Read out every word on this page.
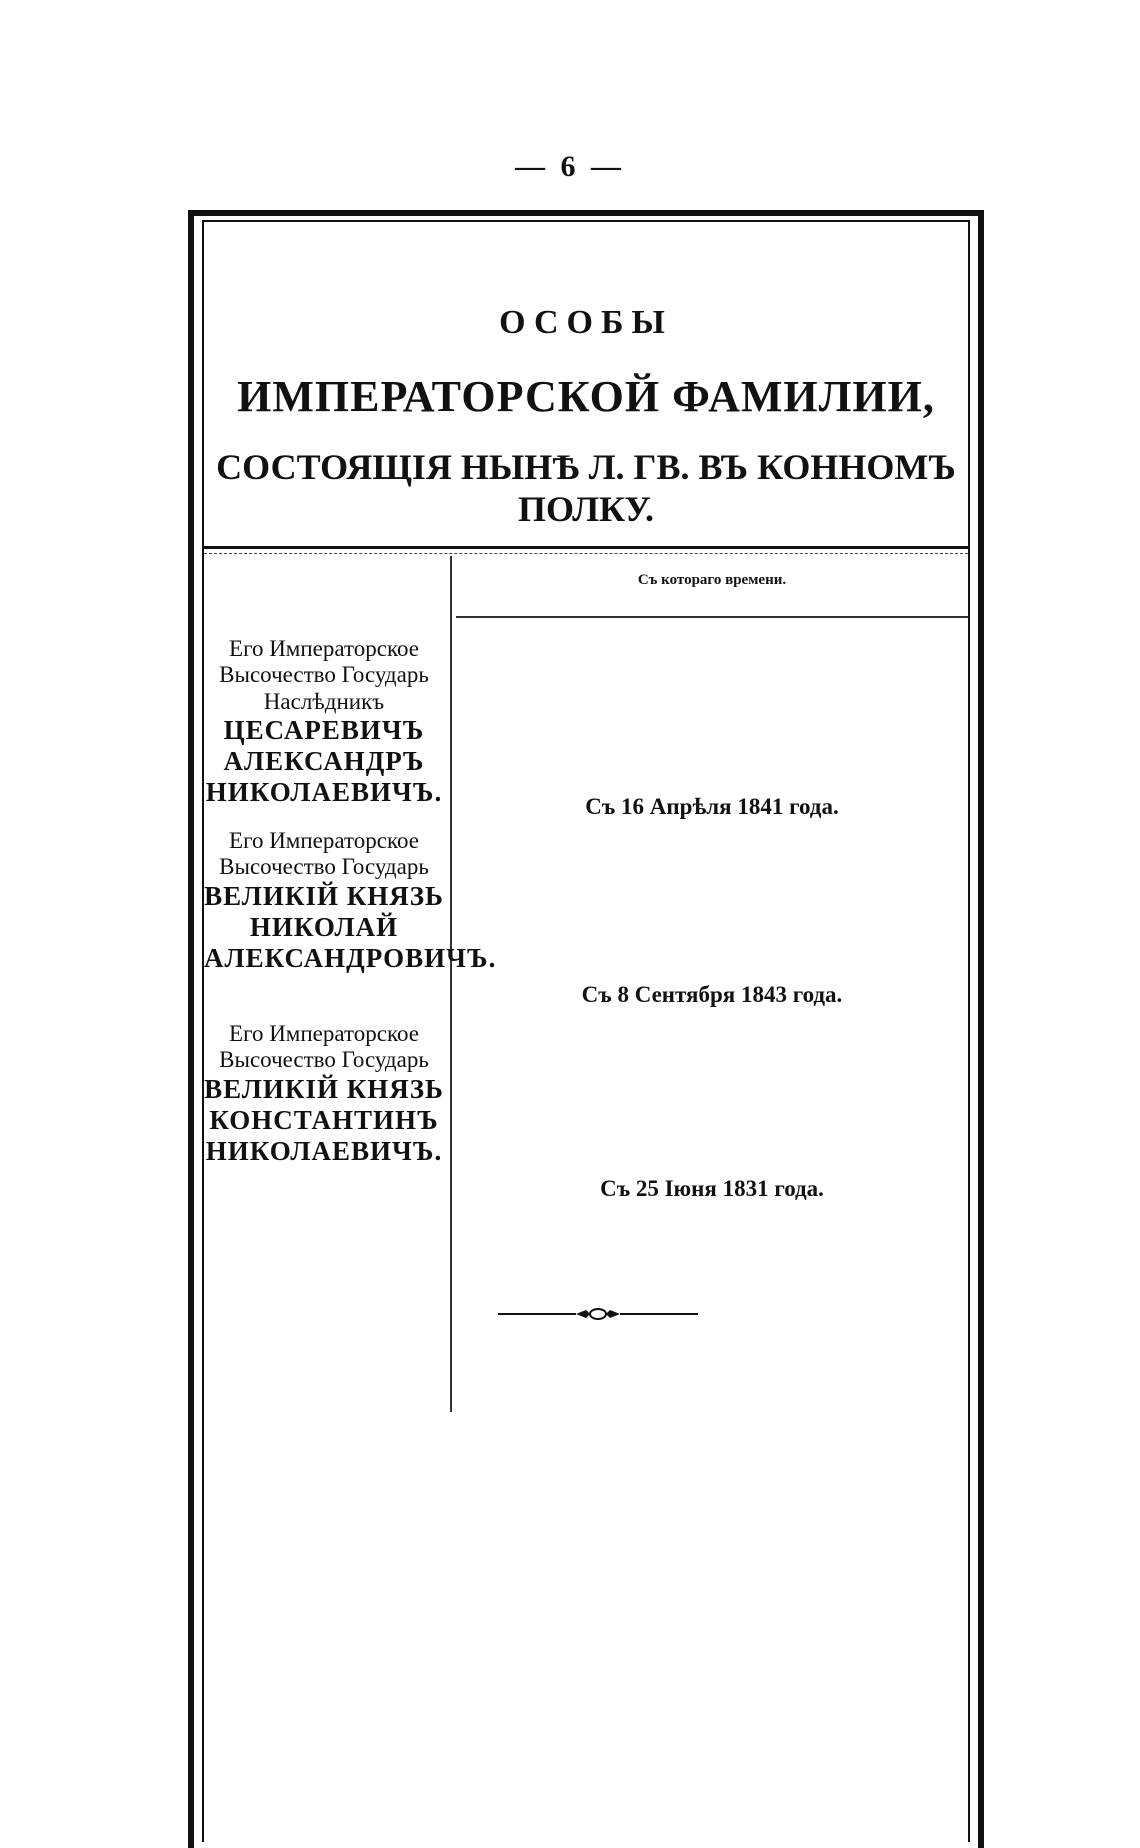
— 6 —
ОСОБЫ
ИМПЕРАТОРСКОЙ ФАМИЛИИ,
СОСТОЯЩІЯ НЫНѢ Л. ГВ. ВЪ КОННОМЪ ПОЛКУ.
Съ котораго времени.
Его Императорское
Высочество Государь
Наслѣдникъ
ЦЕСАРЕВИЧЪ
АЛЕКСАНДРЪ
НИКОЛАЕВИЧЪ.	Съ 16 Апрѣля 1841 года.
Его Императорское
Высочество Государь
ВЕЛИКІЙ КНЯЗЬ
НИКОЛАЙ
АЛЕКСАНДРОВИЧЪ.
Съ 8 Сентября 1843 года.
Его Императорское
Высочество Государь
ВЕЛИКІЙ КНЯЗЬ
КОНСТАНТИНЪ
НИКОЛАЕВИЧЪ.
Съ 25 Іюня 1831 года.
